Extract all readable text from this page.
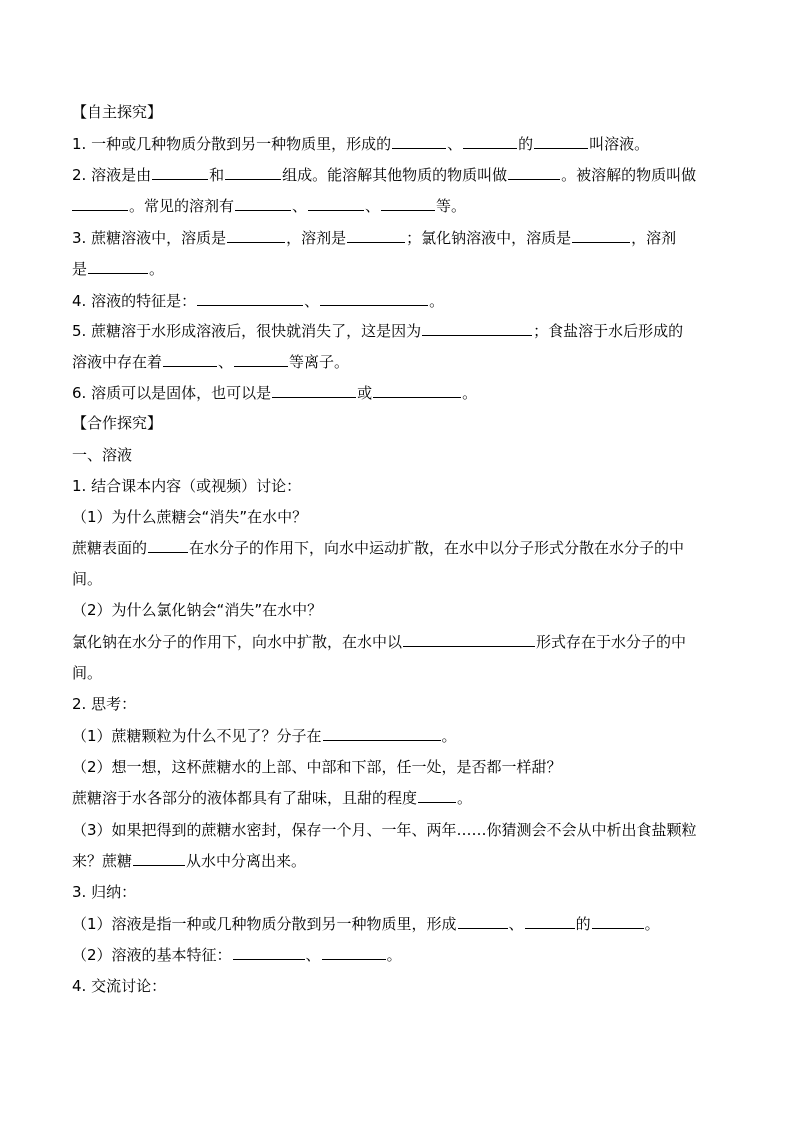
【自主探究】
1. 一种或几种物质分散到另一种物质里，形成的	、	的	叫溶液。
2. 溶液是由	和	组成。能溶解其他物质的物质叫做	。被溶解的物质叫做
。常见的溶剂有	、	、	等。
3. 蔗糖溶液中，溶质是	，溶剂是	；氯化钠溶液中，溶质是	，溶剂
是	。
4. 溶液的特征是：	、	。
5. 蔗糖溶于水形成溶液后，很快就消失了，这是因为	；食盐溶于水后形成的
溶液中存在着	、	等离子。
6. 溶质可以是固体，也可以是	或	。
【合作探究】
一、溶液
1. 结合课本内容（或视频）讨论：
（1）为什么蔗糖会“消失”在水中？
蔗糖表面的	在水分子的作用下，向水中运动扩散，在水中以分子形式分散在水分子的中
间。
（2）为什么氯化钠会“消失”在水中？
氯化钠在水分子的作用下，向水中扩散，在水中以	形式存在于水分子的中
间。
2. 思考：
（1）蔗糖颗粒为什么不见了？分子在	。
（2）想一想，这杯蔗糖水的上部、中部和下部，任一处，是否都一样甜？
蔗糖溶于水各部分的液体都具有了甜味，且甜的程度	。
（3）如果把得到的蔗糖水密封，保存一个月、一年、两年……你猜测会不会从中析出食盐颗粒
来？蔗糖	从水中分离出来。
3. 归纳：
（1）溶液是指一种或几种物质分散到另一种物质里，形成	、	的	。
（2）溶液的基本特征：	、	。
4. 交流讨论：
